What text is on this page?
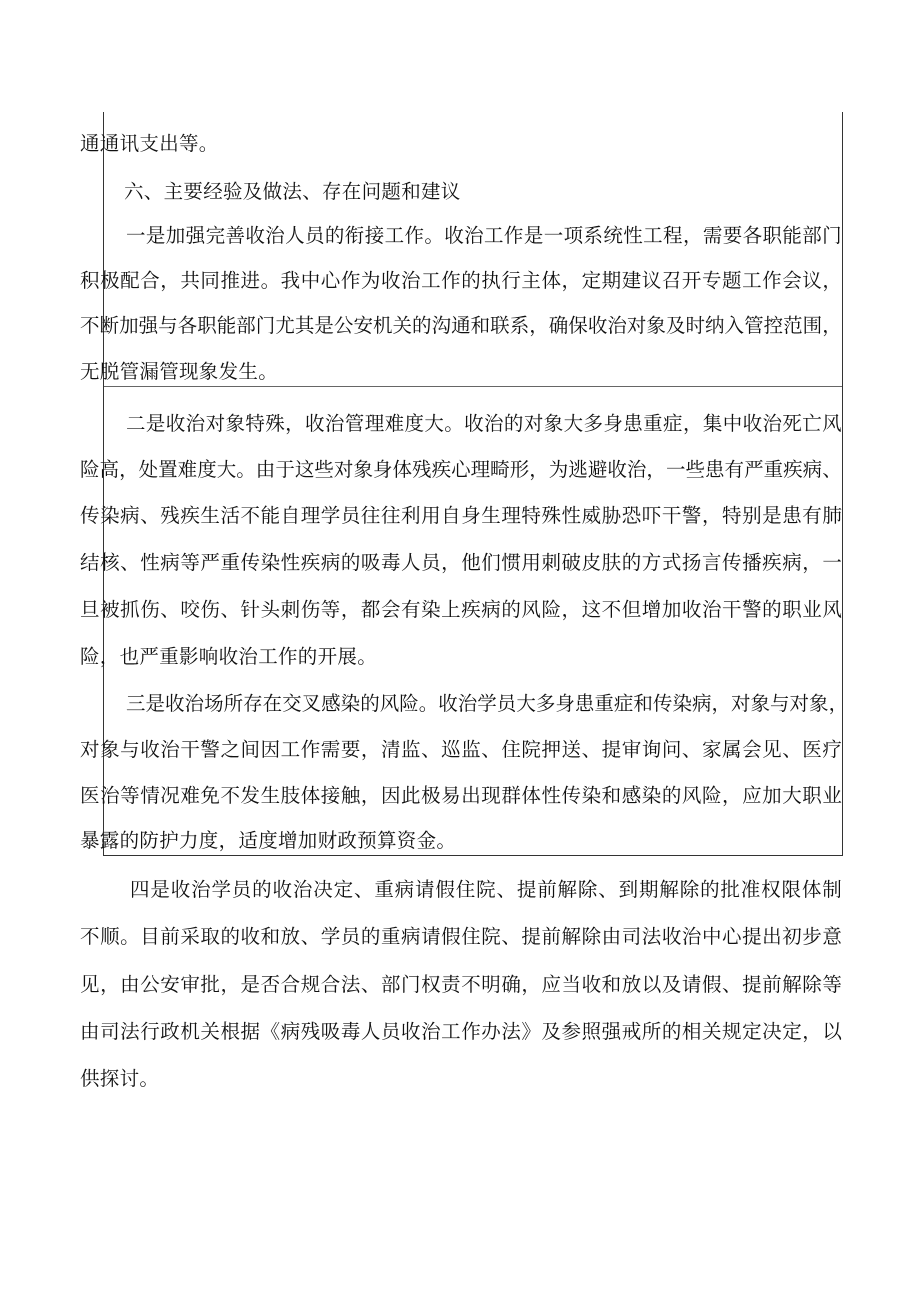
通通讯支出等。
六、主要经验及做法、存在问题和建议
一 是 加 强 完 善 收 治 人 员 的 衔 接 工 作 。 收 治 工 作 是 一 项 系 统 性 工 程 ， 需 要 各 职 能 部 门
积 极 配 合 ， 共 同 推 进 。 我 中 心 作 为 收 治 工 作 的 执 行 主 体 ， 定 期 建 议 召 开 专 题 工 作 会 议 ，
不 断 加 强 与 各 职 能 部 门 尤 其 是 公 安 机 关 的 沟 通 和 联 系 ， 确 保 收 治 对 象 及 时 纳 入 管 控 范 围 ，
无脱管漏管现象发生。
二 是 收 治 对 象 特 殊 ， 收 治 管 理 难 度 大 。 收 治 的 对 象 大 多 身 患 重 症 ， 集 中 收 治 死 亡 风
险 高 ， 处 置 难 度 大 。 由 于 这 些 对 象 身 体 残 疾 心 理 畸 形 ， 为 逃 避 收 治 ， 一 些 患 有 严 重 疾 病 、
传 染 病 、 残 疾 生 活 不 能 自 理 学 员 往 往 利 用 自 身 生 理 特 殊 性 威 胁 恐 吓 干 警 ， 特 别 是 患 有 肺
结 核 、 性 病 等 严 重 传 染 性 疾 病 的 吸 毒 人 员 ， 他 们 惯 用 刺 破 皮 肤 的 方 式 扬 言 传 播 疾 病 ， 一
旦 被 抓 伤 、 咬 伤 、 针 头 刺 伤 等 ， 都 会 有 染 上 疾 病 的 风 险 ， 这 不 但 增 加 收 治 干 警 的 职 业 风
险，也严重影响收治工作的开展。
三 是 收 治 场 所 存 在 交 叉 感 染 的 风 险 。 收 治 学 员 大 多 身 患 重 症 和 传 染 病 ， 对 象 与 对 象 ，
对 象 与 收 治 干 警 之 间 因 工 作 需 要 ， 清 监 、 巡 监 、 住 院 押 送 、 提 审 询 问 、 家 属 会 见 、 医 疗
医 治 等 情 况 难 免 不 发 生 肢 体 接 触 ， 因 此 极 易 出 现 群 体 性 传 染 和 感 染 的 风 险 ， 应 加 大 职 业
暴露的防护力度，适度增加财政预算资金。
四 是 收 治 学 员 的 收 治 决 定 、 重 病 请 假 住 院 、 提 前 解 除 、 到 期 解 除 的 批 准 权 限 体 制
不 顺 。 目 前 采 取 的 收 和 放 、 学 员 的 重 病 请 假 住 院 、 提 前 解 除 由 司 法 收 治 中 心 提 出 初 步 意
见 ， 由 公 安 审 批 ， 是 否 合 规 合 法 、 部 门 权 责 不 明 确 ， 应 当 收 和 放 以 及 请 假 、 提 前 解 除 等
由 司 法 行 政 机 关 根 据 《 病 残 吸 毒 人 员 收 治 工 作 办 法 》 及 参 照 强 戒 所 的 相 关 规 定 决 定 ， 以
供探讨。
